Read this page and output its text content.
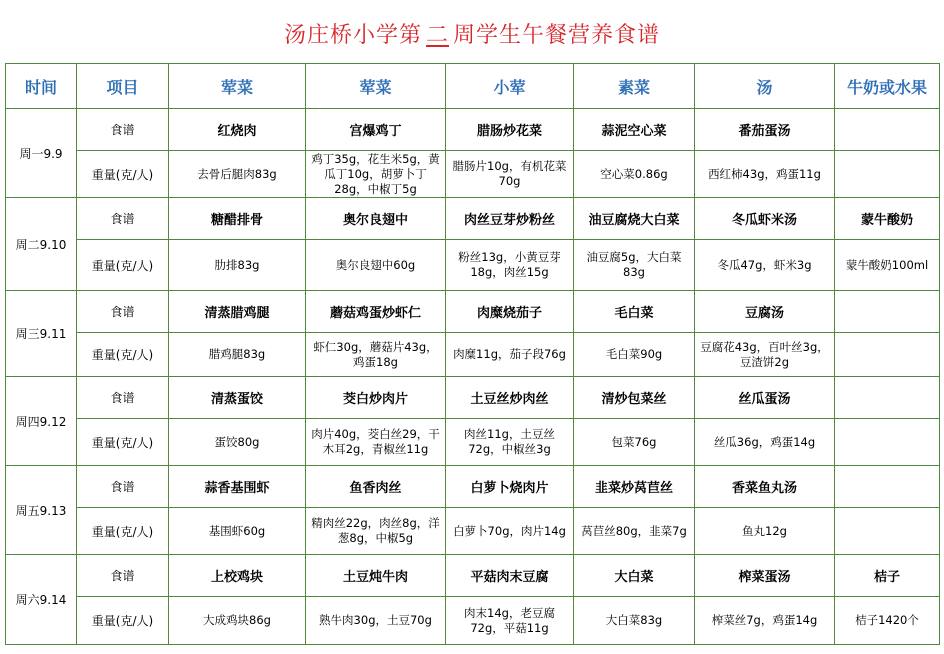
汤庄桥小学第 二 周学生午餐营养食谱
时间	项目	荤菜	荤菜	小荤	素菜	汤	牛奶或水果
周一9.9	食谱	红烧肉	宫爆鸡丁	腊肠炒花菜	蒜泥空心菜	番茄蛋汤	
	重量(克/人)	去骨后腿肉83g	鸡丁35g，花生米5g，黄瓜丁10g，胡萝卜丁28g，中椒丁5g	腊肠片10g，有机花菜70g	空心菜0.86g	西红柿43g，鸡蛋11g	
周二9.10	食谱	糖醋排骨	奥尔良翅中	肉丝豆芽炒粉丝	油豆腐烧大白菜	冬瓜虾米汤	蒙牛酸奶
	重量(克/人)	肋排83g	奥尔良翅中60g	粉丝13g，小黄豆芽18g，肉丝15g	油豆腐5g，大白菜83g	冬瓜47g，虾米3g	蒙牛酸奶100ml
周三9.11	食谱	清蒸腊鸡腿	蘑菇鸡蛋炒虾仁	肉糜烧茄子	毛白菜	豆腐汤	
	重量(克/人)	腊鸡腿83g	虾仁30g，蘑菇片43g，鸡蛋18g	肉糜11g，茄子段76g	毛白菜90g	豆腐花43g，百叶丝3g，豆渣饼2g	
周四9.12	食谱	清蒸蛋饺	茭白炒肉片	土豆丝炒肉丝	清炒包菜丝	丝瓜蛋汤	
	重量(克/人)	蛋饺80g	肉片40g，茭白丝29，干木耳2g，青椒丝11g	肉丝11g，土豆丝72g，中椒丝3g	包菜76g	丝瓜36g，鸡蛋14g	
周五9.13	食谱	蒜香基围虾	鱼香肉丝	白萝卜烧肉片	韭菜炒莴苣丝	香菜鱼丸汤	
	重量(克/人)	基围虾60g	精肉丝22g，肉丝8g，洋葱8g，中椒5g	白萝卜70g，肉片14g	莴苣丝80g，韭菜7g	鱼丸12g	
周六9.14	食谱	上校鸡块	土豆炖牛肉	平菇肉末豆腐	大白菜	榨菜蛋汤	桔子
	重量(克/人)	大成鸡块86g	熟牛肉30g，土豆70g	肉末14g，老豆腐72g，平菇11g	大白菜83g	榨菜丝7g，鸡蛋14g	桔子1420个
